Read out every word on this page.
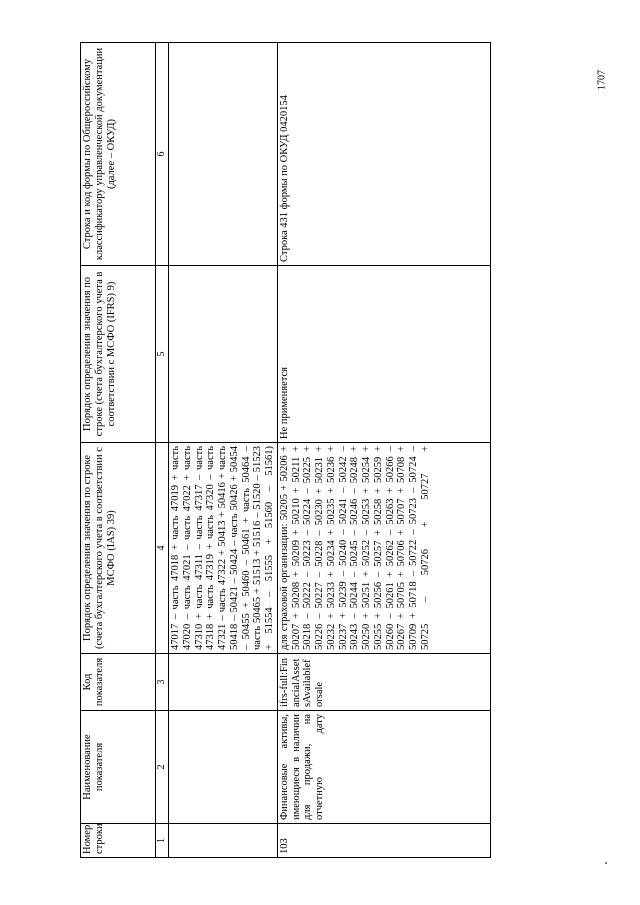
1707
Номер строки	Наименование показателя	Код показателя	Порядок определения значения по строке (счета бухгалтерского учета в соответствии с МСФО (IAS) 39)	Порядок определения значения по строке (счета бухгалтерского учета в соответствии с МСФО (IFRS) 9)	Строка и код формы по Общероссийскому классификатору управленческой документации (далее – ОКУД)
1	2	3	4	5	6
			47017 – часть 47018 + часть 47019 + часть 47020 – часть 47021 – часть 47022 + часть 47310 + часть 47311 – часть 47317 – часть 47318 + часть 47319 + часть 47320 – часть 47321 – часть 47322 + 50413 + 50416 + часть 50418 – 50421 – 50424 – часть 50426 + 50454 – 50455 + 50460 – 50461 + часть 50464 – часть 50465 + 51513 + 51516 – 51520 – 51523 + 51554 – 51555 + 51560 – 51561)		
103	Финансовые активы, имеющиеся в наличии для продажи, на отчетную дату	ifrs-full:FinancialAssetsAvailableforsale	для страховой организации: 50205 + 50206 + 50207 + 50208 + 50209 + 50210 + 50211 + 50218 – 50222 – 50223 – 50224 – 50225 + 50226 – 50227 – 50228 – 50230 + 50231 + 50232 + 50233 + 50234 + 50235 + 50236 + 50237 + 50239 – 50240 – 50241 – 50242 – 50243 – 50244 – 50245 – 50246 – 50248 + 50250 + 50251 + 50252 – 50253 + 50254 + 50255 + 50256 – 50257 + 50258 + 50259 + 50260 – 50261 + 50262 – 50263 + 50266 – 50267 + 50705 + 50706 + 50707 + 50708 + 50709 + 50718 – 50722 – 50723 – 50724 – 50725 – 50726 + 50727 +	Не применяется	Строка 431 формы по ОКУД 0420154
